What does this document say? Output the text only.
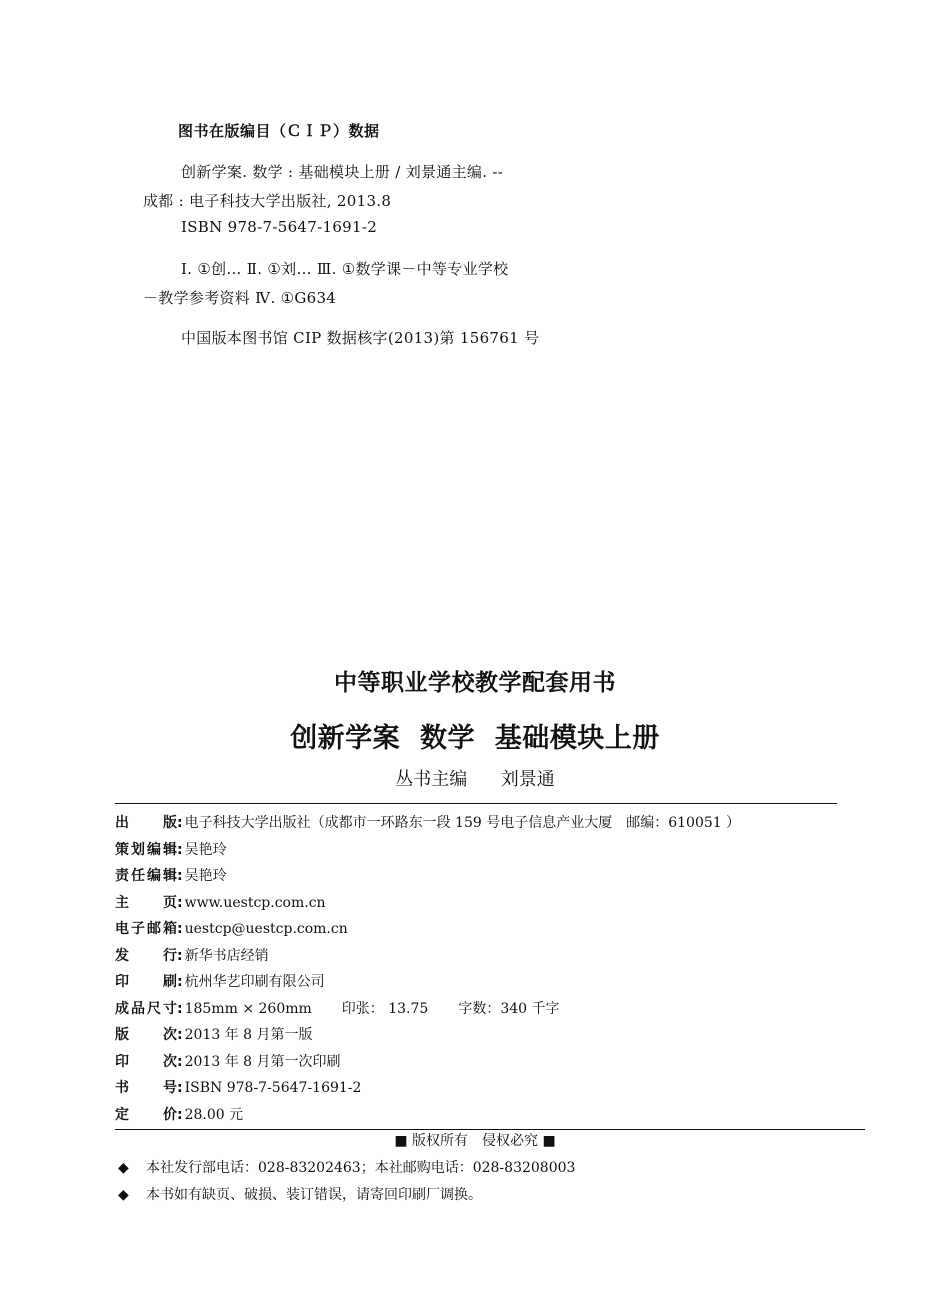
图书在版编目（ＣＩＰ）数据
创新学案. 数学 : 基础模块上册 / 刘景通主编. --
成都 : 电子科技大学出版社, 2013.8
ISBN 978-7-5647-1691-2
Ⅰ. ①创… Ⅱ. ①刘… Ⅲ. ①数学课－中等专业学校
－教学参考资料 Ⅳ. ①G634
中国版本图书馆 CIP 数据核字(2013)第 156761 号
中等职业学校教学配套用书
创新学案  数学  基础模块上册
丛书主编 刘景通
出版 : 电子科技大学出版社（成都市一环路东一段 159 号电子信息产业大厦　邮编：610051 ）
策划编辑 : 吴艳玲
责任编辑 : 吴艳玲
主页 : www.uestcp.com.cn
电子邮箱 : uestcp@uestcp.com.cn
发行 : 新华书店经销
印刷 : 杭州华艺印刷有限公司
成品尺寸 : 185mm × 260mm 印张： 13.75 字数：340 千字
版次 : 2013 年 8 月第一版
印次 : 2013 年 8 月第一次印刷
书号 : ISBN 978-7-5647-1691-2
定价 : 28.00 元
■ 版权所有　侵权必究 ■
◆ 本社发行部电话：028-83202463；本社邮购电话：028-83208003
◆ 本书如有缺页、破损、装订错误，请寄回印刷厂调换。
